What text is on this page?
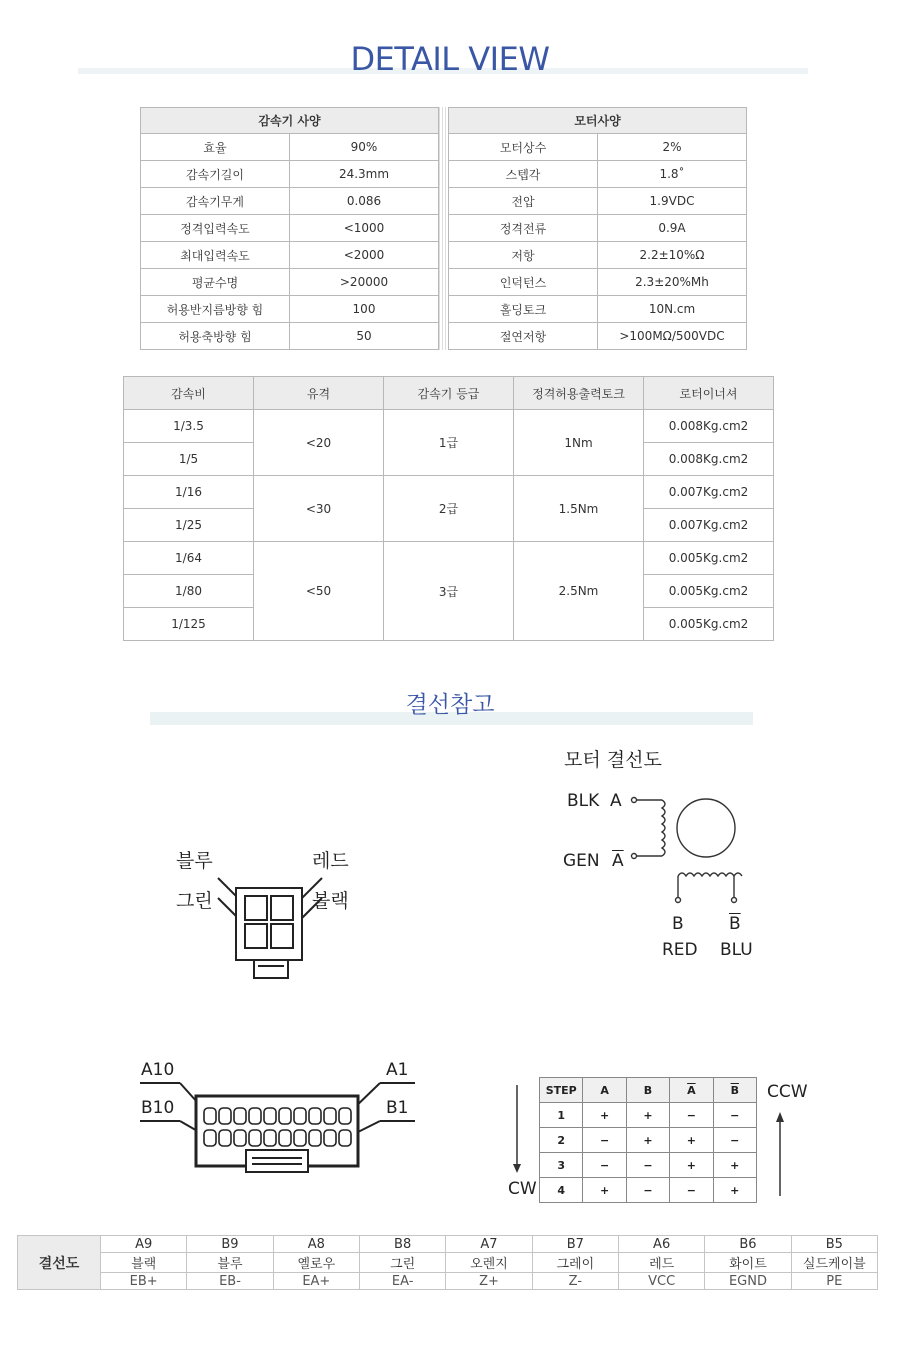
DETAIL VIEW
감속기 사양	
효율	90%
감속기길이	24.3mm
감속기무게	0.086
정격입력속도	<1000
최대입력속도	<2000
평균수명	>20000
허용반지름방향 힘	100
허용축방향 힘	50
모터사양	
모터상수	2%
스텝각	1.8˚
전압	1.9VDC
정격전류	0.9A
저항	2.2±10%Ω
인덕턴스	2.3±20%Mh
홀딩토크	10N.cm
절연저항	>100MΩ/500VDC
감속비	유격	감속기 등급	정격허용출력토크	로터이너셔
1/3.5	<20	1급	1Nm	0.008Kg.cm2
1/5				0.008Kg.cm2
1/16	<30	2급	1.5Nm	0.007Kg.cm2
1/25				0.007Kg.cm2
1/64	<50	3급	2.5Nm	0.005Kg.cm2
1/80				0.005Kg.cm2
1/125				0.005Kg.cm2
결선참고
블루	레드
그린	블랙
모터 결선도
BLK A
GEN $\overline{A}$
B	$\overline{B}$
RED BLU
A10	A1
B10	B1
CW
CCW
STEP	A	B	$\overline{A}$	$\overline{B}$
1	+	+	−	−
2	−	+	+	−
3	−	−	+	+
4	+	−	−	+
결선도	A9	B9	A8	B8	A7	B7	A6	B6	B5
	블랙	블루	옐로우	그린	오렌지	그레이	레드	화이트	실드케이블
	EB+	EB-	EA+	EA-	Z+	Z-	VCC	EGND	PE
